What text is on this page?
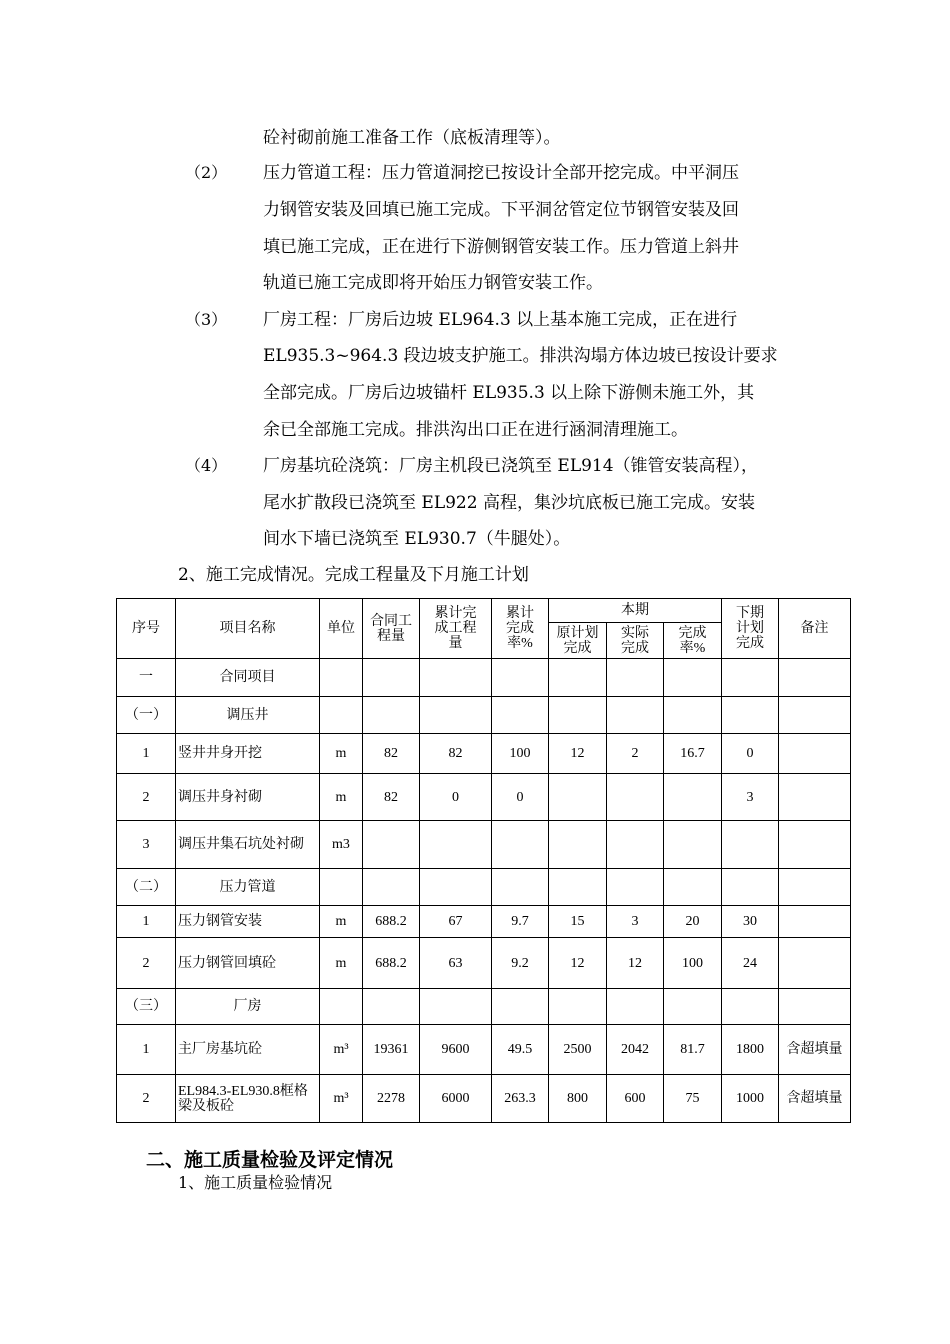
砼衬砌前施工准备工作（底板清理等）。
（2） 压力管道工程：压力管道洞挖已按设计全部开挖完成。中平洞压
力钢管安装及回填已施工完成。下平洞岔管定位节钢管安装及回
填已施工完成，正在进行下游侧钢管安装工作。压力管道上斜井
轨道已施工完成即将开始压力钢管安装工作。
（3） 厂房工程：厂房后边坡 EL964.3 以上基本施工完成，正在进行
EL935.3~964.3 段边坡支护施工。排洪沟塌方体边坡已按设计要求
全部完成。厂房后边坡锚杆 EL935.3 以上除下游侧未施工外，其
余已全部施工完成。排洪沟出口正在进行涵洞清理施工。
（4） 厂房基坑砼浇筑：厂房主机段已浇筑至 EL914（锥管安装高程），
尾水扩散段已浇筑至 EL922 高程，集沙坑底板已施工完成。安装
间水下墙已浇筑至 EL930.7（牛腿处）。
2、施工完成情况。完成工程量及下月施工计划
序号	项目名称	单位	合同工程量	累计完成工程量	累计完成率%	本期			下期计划完成	备注
						原计划完成	实际完成	完成率%		
一	合同项目									
（一）	调压井									
1	竖井井身开挖	m	82	82	100	12	2	16.7	0	
2	调压井身衬砌	m	82	0	0				3	
3	调压井集石坑处衬砌	m3								
（二）	压力管道									
1	压力钢管安装	m	688.2	67	9.7	15	3	20	30	
2	压力钢管回填砼	m	688.2	63	9.2	12	12	100	24	
（三）	厂房									
1	主厂房基坑砼	m³	19361	9600	49.5	2500	2042	81.7	1800	含超填量
2	EL984.3-EL930.8框格梁及板砼	m³	2278	6000	263.3	800	600	75	1000	含超填量
二、施工质量检验及评定情况
1、施工质量检验情况
